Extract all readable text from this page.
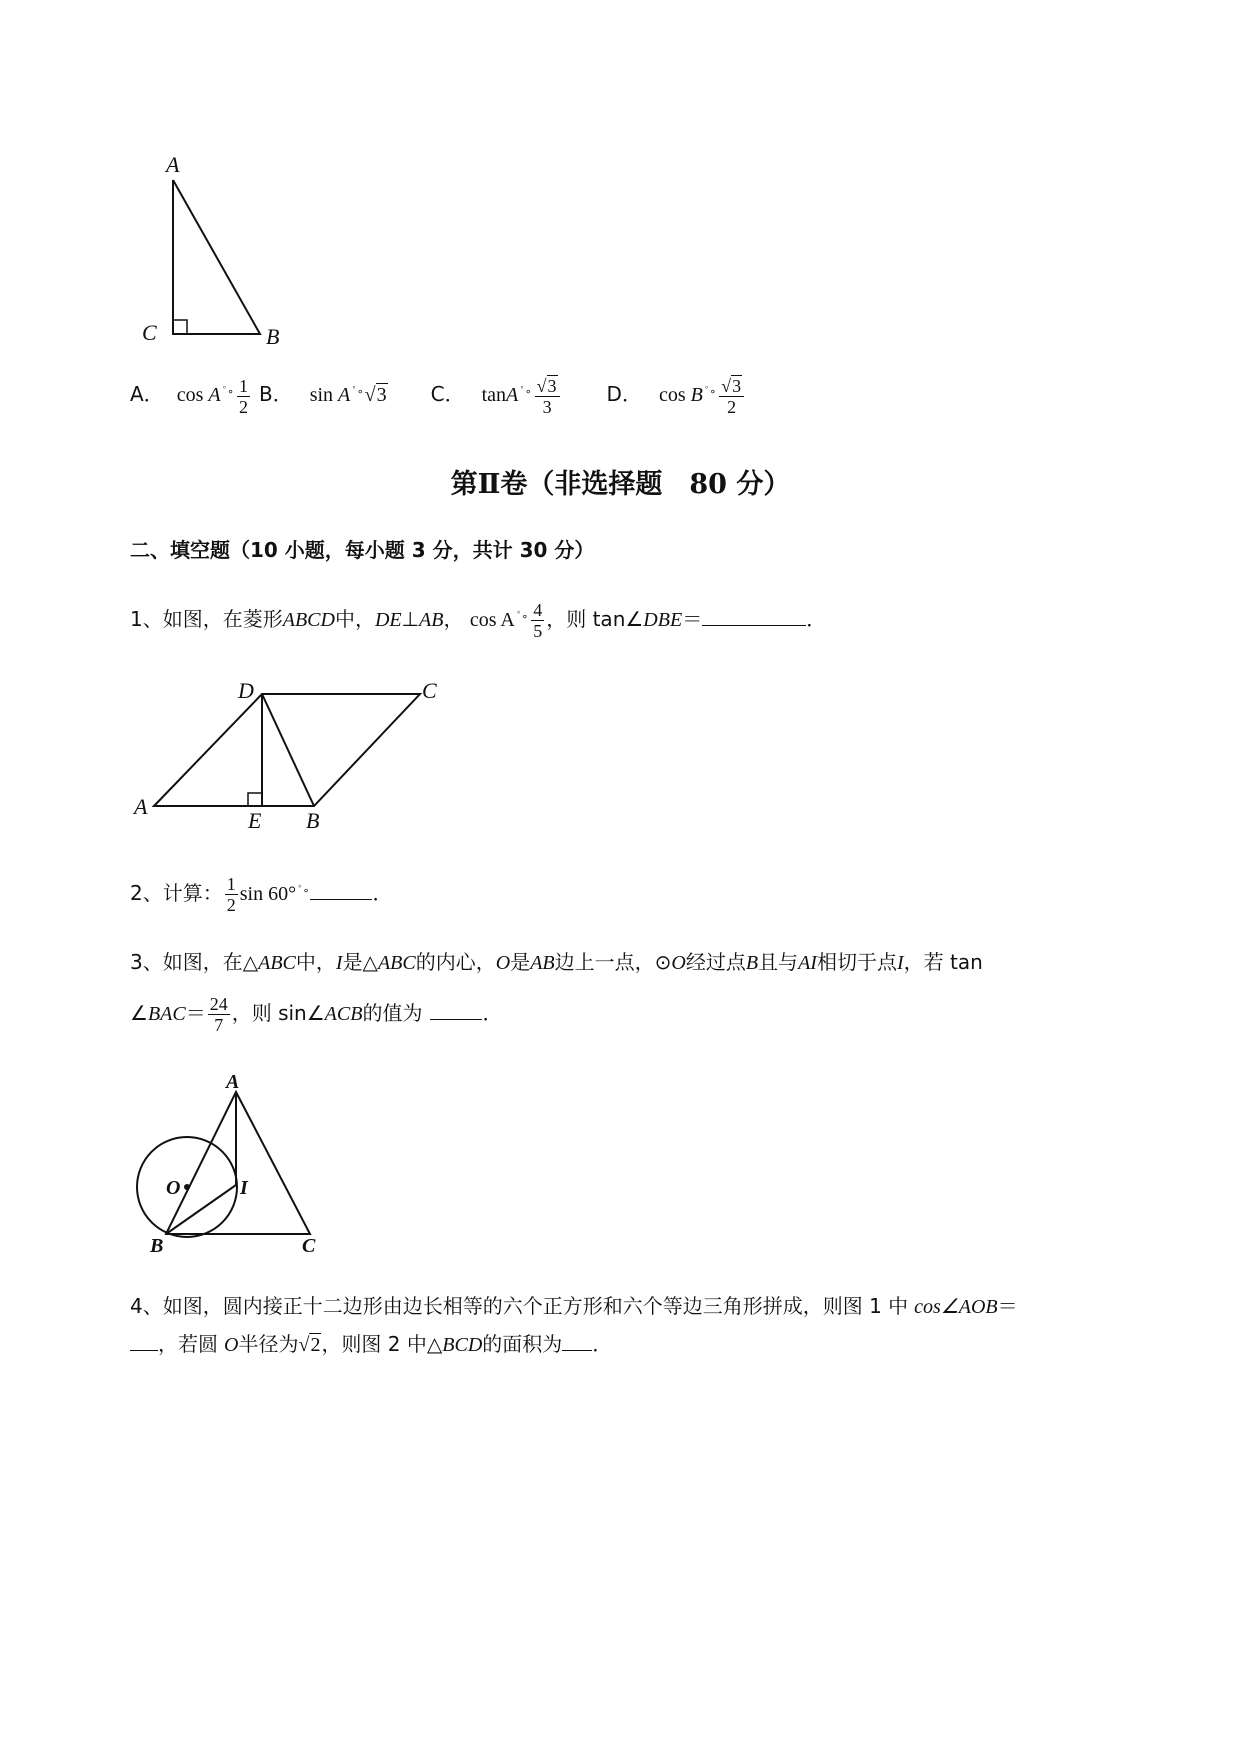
A
C	B
A． cos A $^{ﾟ\circ} \frac{1}{2}$ B． sin A $^{ﾟ\circ}$ √3 C． tanA $^{ﾟ\circ} \frac{√3}{3}$ D． cos B $^{ﾟ\circ} \frac{√3}{2}$
第Ⅱ卷（非选择题　80 分）
二、填空题（10 小题，每小题 3 分，共计 30 分）
1、如图，在菱形ABCD中，DE⊥AB， cos A $^{ﾟ\circ} \frac{4}{5}$ ，则 tan∠DBE＝	．
D	C
A
E B
2、计算： $\frac{1}{2}$ sin 60° $^{ﾟ\circ}$	．
3、如图，在△ABC中，I是△ABC的内心，O是AB边上一点，⊙O经过点B且与AI相切于点I，若 tan
∠BAC＝ $\frac{24}{7}$ ，则 sin∠ACB的值为	．
A
O	I
B	C
4、如图，圆内接正十二边形由边长相等的六个正方形和六个等边三角形拼成，则图 1 中 cos∠AOB＝
，若圆 O半径为√2，则图 2 中△BCD的面积为 ．
